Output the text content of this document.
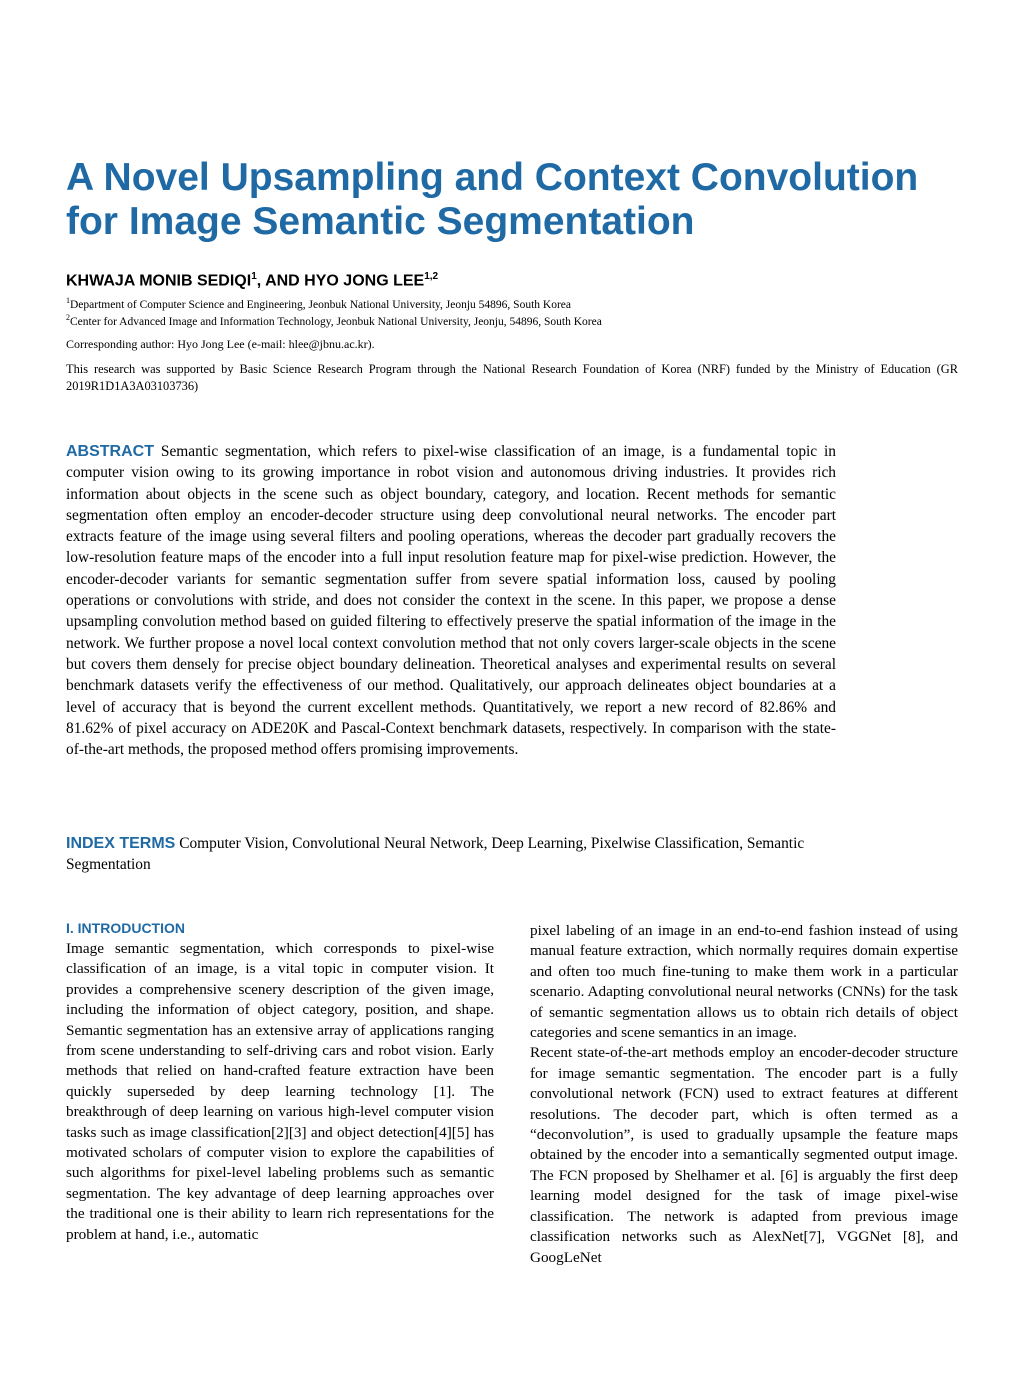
A Novel Upsampling and Context Convolution for Image Semantic Segmentation
KHWAJA MONIB SEDIQI$^1$, AND HYO JONG LEE$^{1,2}$
$^1$Department of Computer Science and Engineering, Jeonbuk National University, Jeonju 54896, South Korea
$^2$Center for Advanced Image and Information Technology, Jeonbuk National University, Jeonju, 54896, South Korea

Corresponding author: Hyo Jong Lee (e-mail: hlee@jbnu.ac.kr).

This research was supported by Basic Science Research Program through the National Research Foundation of Korea (NRF) funded by the Ministry of Education (GR 2019R1D1A3A03103736)

ABSTRACT Semantic segmentation, which refers to pixel-wise classification of an image, is a fundamental topic in computer vision owing to its growing importance in robot vision and autonomous driving industries. It provides rich information about objects in the scene such as object boundary, category, and location. Recent methods for semantic segmentation often employ an encoder-decoder structure using deep convolutional neural networks. The encoder part extracts feature of the image using several filters and pooling operations, whereas the decoder part gradually recovers the low-resolution feature maps of the encoder into a full input resolution feature map for pixel-wise prediction. However, the encoder-decoder variants for semantic segmentation suffer from severe spatial information loss, caused by pooling operations or convolutions with stride, and does not consider the context in the scene. In this paper, we propose a dense upsampling convolution method based on guided filtering to effectively preserve the spatial information of the image in the network. We further propose a novel local context convolution method that not only covers larger-scale objects in the scene but covers them densely for precise object boundary delineation. Theoretical analyses and experimental results on several benchmark datasets verify the effectiveness of our method. Qualitatively, our approach delineates object boundaries at a level of accuracy that is beyond the current excellent methods. Quantitatively, we report a new record of 82.86% and 81.62% of pixel accuracy on ADE20K and Pascal-Context benchmark datasets, respectively. In comparison with the state-of-the-art methods, the proposed method offers promising improvements.

INDEX TERMS Computer Vision, Convolutional Neural Network, Deep Learning, Pixelwise Classification, Semantic Segmentation

I. INTRODUCTION

Image semantic segmentation, which corresponds to pixel-wise classification of an image, is a vital topic in computer vision. It provides a comprehensive scenery description of the given image, including the information of object category, position, and shape. Semantic segmentation has an extensive array of applications ranging from scene understanding to self-driving cars and robot vision. Early methods that relied on hand-crafted feature extraction have been quickly superseded by deep learning technology [1]. The breakthrough of deep learning on various high-level computer vision tasks such as image classification[2][3] and object detection[4][5] has motivated scholars of computer vision to explore the capabilities of such algorithms for pixel-level labeling problems such as semantic segmentation. The key advantage of deep learning approaches over the traditional one is their ability to learn rich representations for the problem at hand, i.e., automatic

pixel labeling of an image in an end-to-end fashion instead of using manual feature extraction, which normally requires domain expertise and often too much fine-tuning to make them work in a particular scenario. Adapting convolutional neural networks (CNNs) for the task of semantic segmentation allows us to obtain rich details of object categories and scene semantics in an image.

Recent state-of-the-art methods employ an encoder-decoder structure for image semantic segmentation. The encoder part is a fully convolutional network (FCN) used to extract features at different resolutions. The decoder part, which is often termed as a “deconvolution”, is used to gradually upsample the feature maps obtained by the encoder into a semantically segmented output image. The FCN proposed by Shelhamer et al. [6] is arguably the first deep learning model designed for the task of image pixel-wise classification. The network is adapted from previous image classification networks such as AlexNet[7], VGGNet [8], and GoogLeNet
